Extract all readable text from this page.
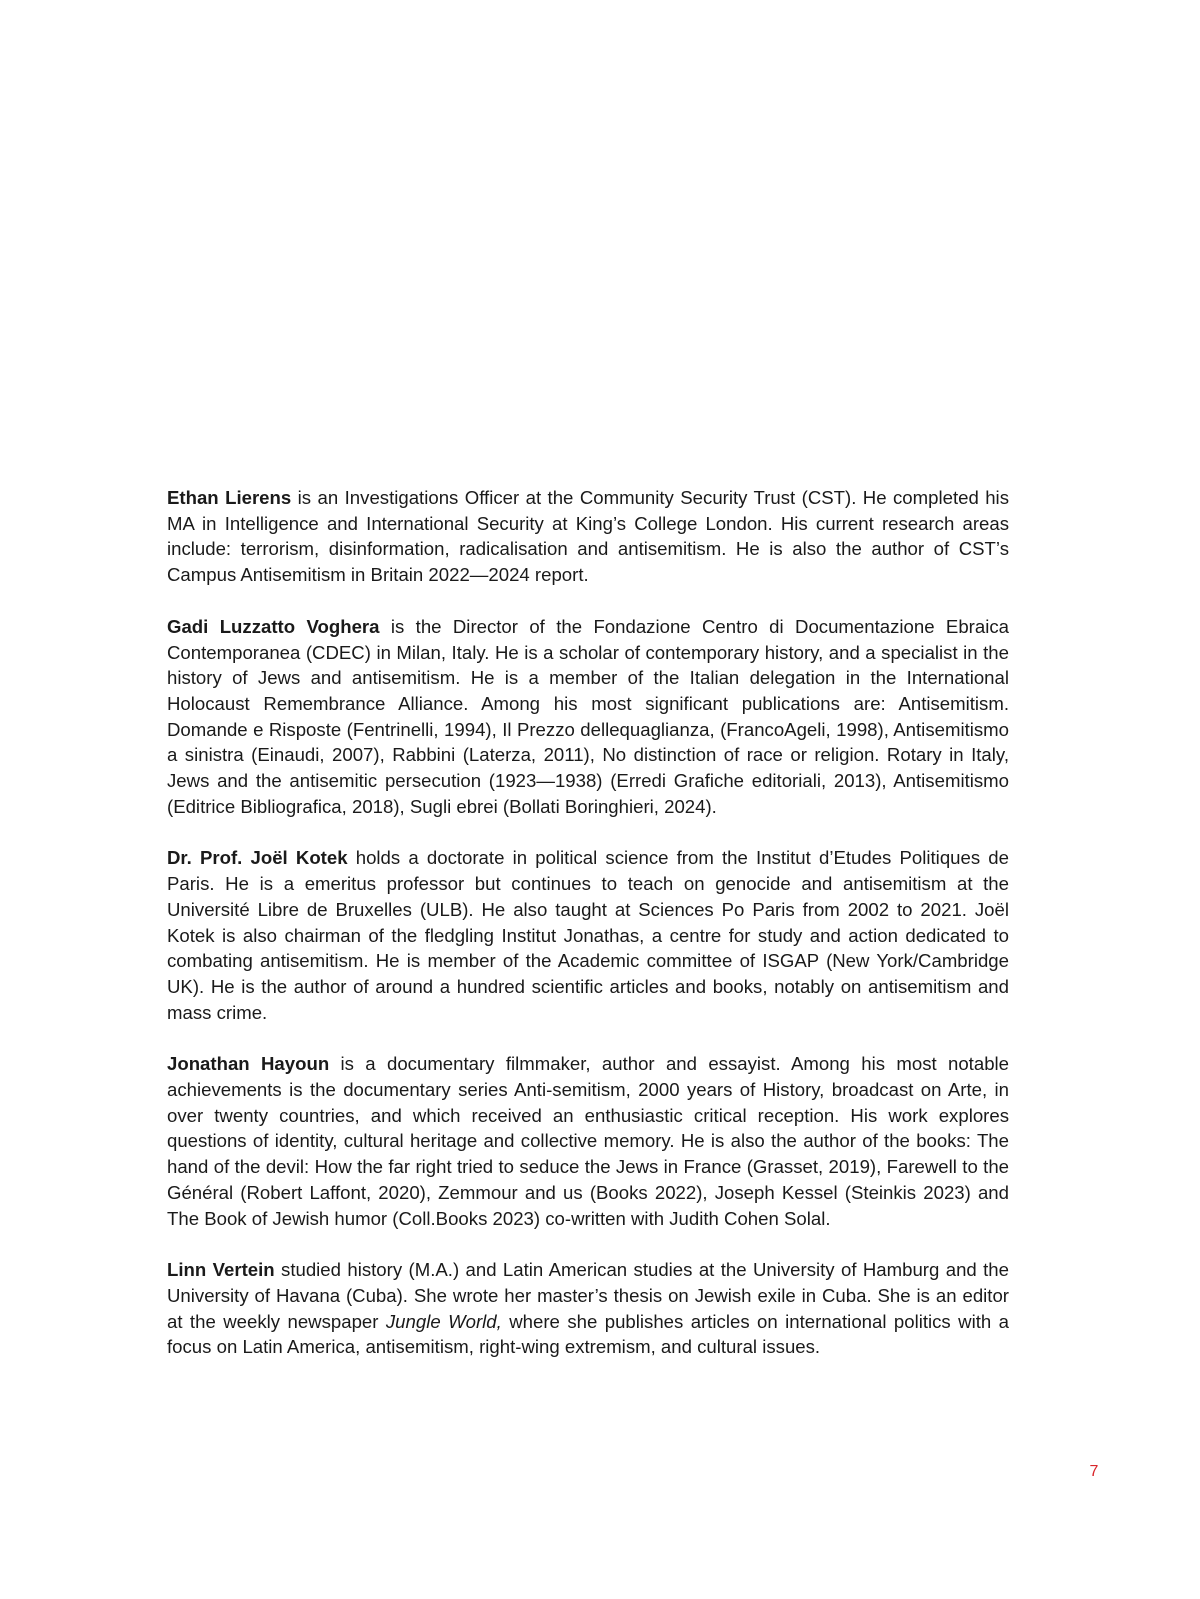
Ethan Lierens is an Investigations Officer at the Community Security Trust (CST). He completed his MA in Intelligence and International Security at King’s College London. His current research areas include: terrorism, disinformation, radicalisation and antisemitism. He is also the author of CST’s Campus Antisemitism in Britain 2022—2024 report.

Gadi Luzzatto Voghera is the Director of the Fondazione Centro di Documentazione Ebraica Contemporanea (CDEC) in Milan, Italy. He is a scholar of contemporary history, and a specialist in the history of Jews and antisemitism. He is a member of the Italian delegation in the International Holocaust Remembrance Alliance. Among his most significant publications are: Antisemitism. Domande e Risposte (Fentrinelli, 1994), Il Prezzo dellequaglianza, (FrancoAgeli, 1998), Antisemitismo a sinistra (Einaudi, 2007), Rabbini (Laterza, 2011), No distinction of race or religion. Rotary in Italy, Jews and the antisemitic persecution (1923—1938) (Erredi Grafiche editoriali, 2013), Antisemitismo (Editrice Bibliografica, 2018), Sugli ebrei (Bollati Boringhieri, 2024).

Dr. Prof. Joël Kotek holds a doctorate in political science from the Institut d’Etudes Politiques de Paris. He is a emeritus professor but continues to teach on genocide and antisemitism at the Université Libre de Bruxelles (ULB). He also taught at Sciences Po Paris from 2002 to 2021. Joël Kotek is also chairman of the fledgling Institut Jonathas, a centre for study and action dedicated to combating antisemitism. He is member of the Academic committee of ISGAP (New York/Cambridge UK). He is the author of around a hundred scientific articles and books, notably on antisemitism and mass crime.

Jonathan Hayoun is a documentary filmmaker, author and essayist. Among his most notable achievements is the documentary series Anti-semitism, 2000 years of History, broadcast on Arte, in over twenty countries, and which received an enthusiastic critical reception. His work explores questions of identity, cultural heritage and collective memory. He is also the author of the books: The hand of the devil: How the far right tried to seduce the Jews in France (Grasset, 2019), Farewell to the Général (Robert Laffont, 2020), Zemmour and us (Books 2022), Joseph Kessel (Steinkis 2023) and The Book of Jewish humor (Coll.Books 2023) co-written with Judith Cohen Solal.

Linn Vertein studied history (M.A.) and Latin American studies at the University of Hamburg and the University of Havana (Cuba). She wrote her master’s thesis on Jewish exile in Cuba. She is an editor at the weekly newspaper Jungle World, where she publishes articles on international politics with a focus on Latin America, antisemitism, right-wing extremism, and cultural issues.

7
